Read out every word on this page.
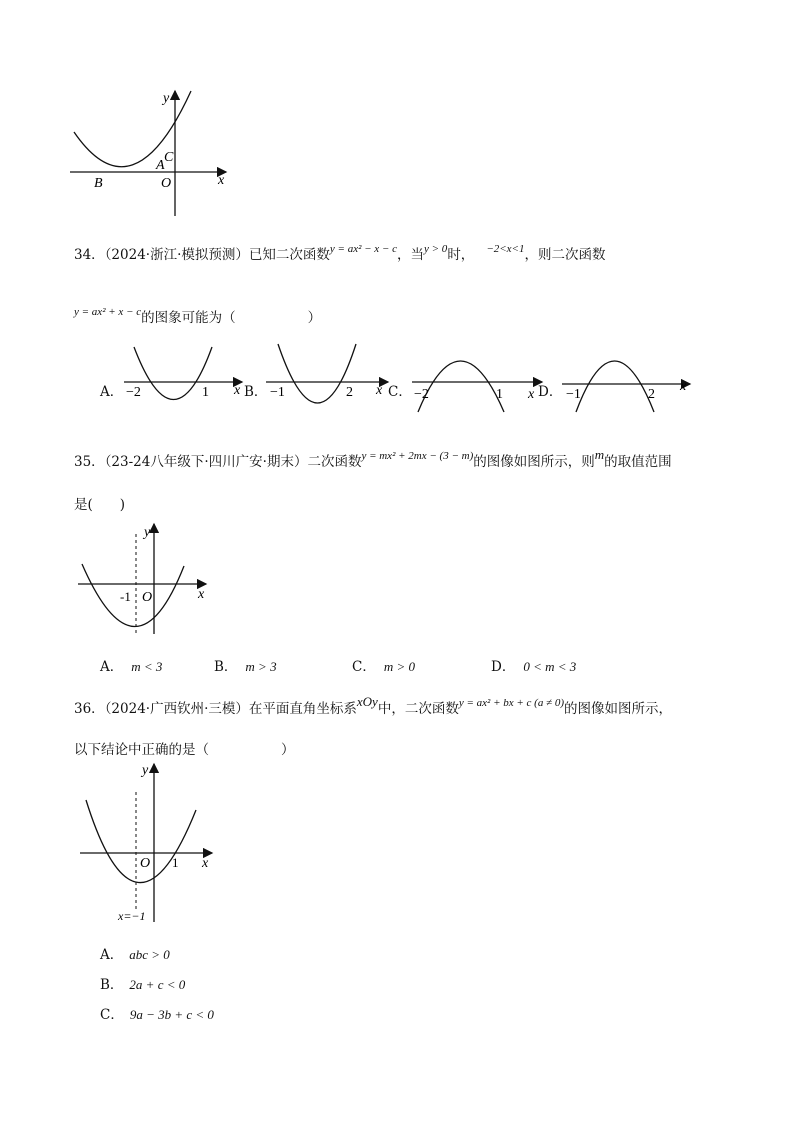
y
x
O
A
C
B
34．（2024·浙江·模拟预测）已知二次函数$^{y = ax^2 - x - c}$，当$^{y > 0}$时， $^{-2<x<1}$，则二次函数
$^{y = ax^2 + x - c}$的图象可能为（	）
A． −2	1 x B． −1	2 x C． −2	1 x D． −1	2
x
35．（23-24八年级下·四川广安·期末）二次函数$^{y = mx^2 + 2mx - (3 - m)}$的图像如图所示，则m的取值范围
是(　　)
y
x
O
-1
A． m < 3	B． m > 3	C． m > 0	D． 0 < m < 3
36．（2024·广西钦州·三模）在平面直角坐标系xOy中，二次函数$^{y = ax^2 + bx + c (a \ne 0)}$的图像如图所示，
以下结论中正确的是（	）
y
x
O 1
x=−1
A． abc > 0
B． 2a + c < 0
C． 9a − 3b + c < 0
